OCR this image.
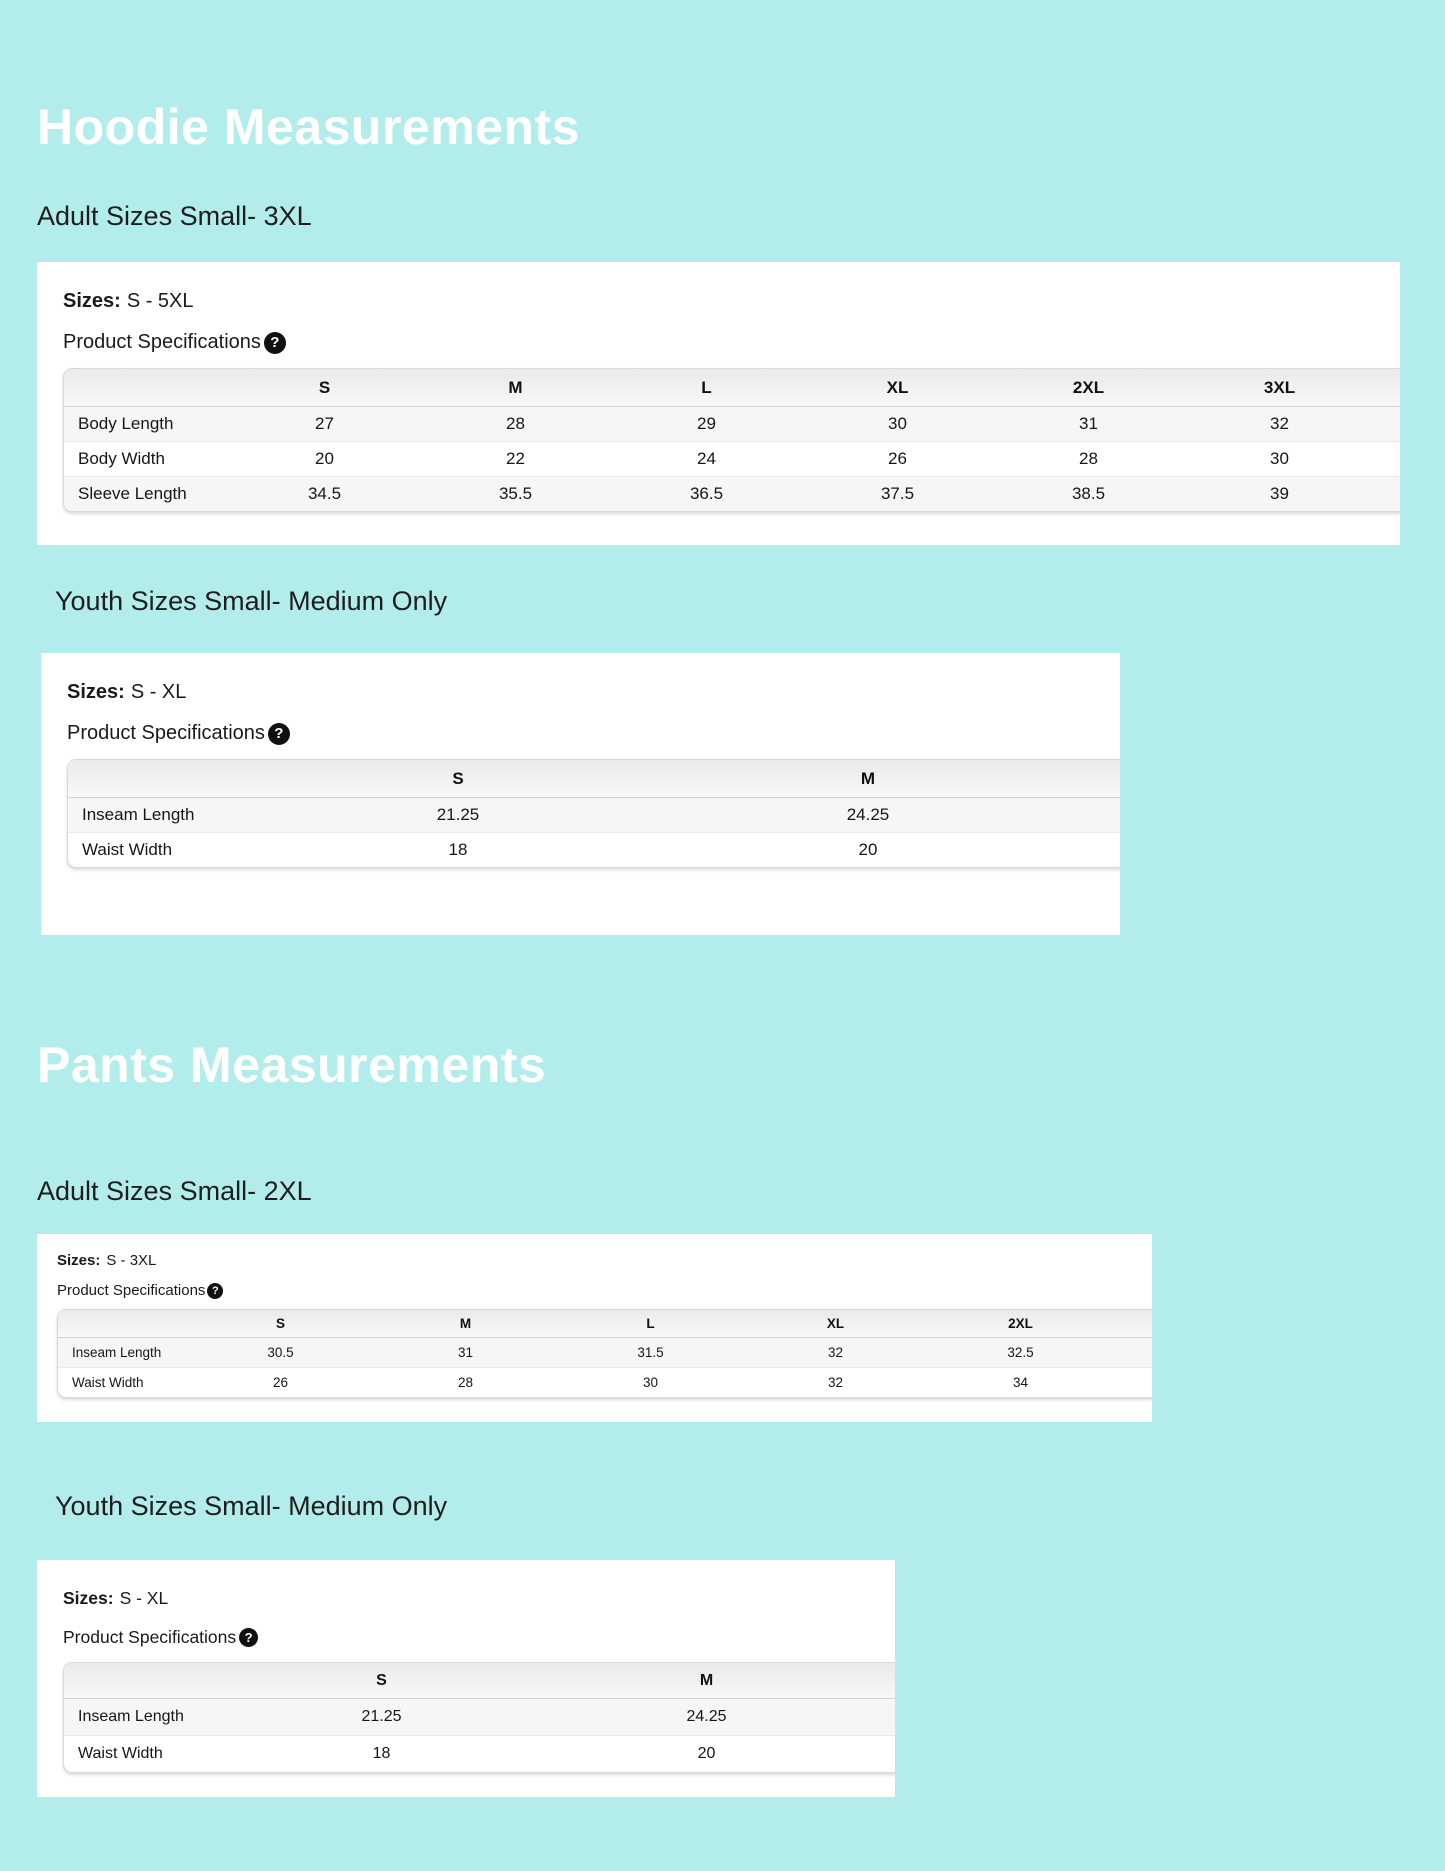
Hoodie Measurements

Adult Sizes Small- 3XL

Sizes: S - 5XL

Product Specifications ?

	S	M	L	XL	2XL	3XL	
Body Length	27	28	29	30	31	32	
Body Width	20	22	24	26	28	30	
Sleeve Length	34.5	35.5	36.5	37.5	38.5	39	

Youth Sizes Small- Medium Only

Sizes: S - XL

Product Specifications ?

	S	M	
Inseam Length	21.25	24.25	
Waist Width	18	20	
Pants Measurements

Adult Sizes Small- 2XL

Sizes: S - 3XL

Product Specifications ?

	S	M	L	XL	2XL	
Inseam Length	30.5	31	31.5	32	32.5	
Waist Width	26	28	30	32	34	

Youth Sizes Small- Medium Only

Sizes: S - XL

Product Specifications ?

	S	M	
Inseam Length	21.25	24.25	
Waist Width	18	20	
